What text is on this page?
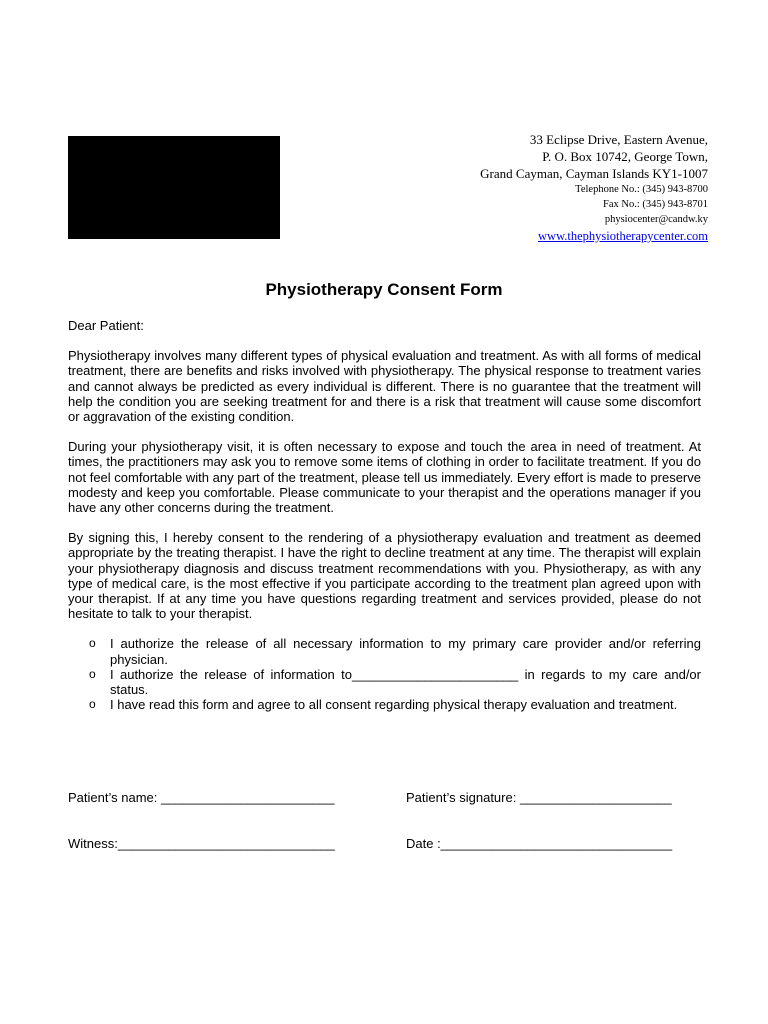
33 Eclipse Drive, Eastern Avenue,
P. O. Box 10742, George Town,
Grand Cayman, Cayman Islands KY1-1007
Telephone No.: (345) 943-8700
Fax No.: (345) 943-8701
physiocenter@candw.ky
www.thephysiotherapycenter.com
Physiotherapy Consent Form

Dear Patient:

Physiotherapy involves many different types of physical evaluation and treatment. As with all forms of medical treatment, there are benefits and risks involved with physiotherapy. The physical response to treatment varies and cannot always be predicted as every individual is different. There is no guarantee that the treatment will help the condition you are seeking treatment for and there is a risk that treatment will cause some discomfort or aggravation of the existing condition.

During your physiotherapy visit, it is often necessary to expose and touch the area in need of treatment. At times, the practitioners may ask you to remove some items of clothing in order to facilitate treatment. If you do not feel comfortable with any part of the treatment, please tell us immediately. Every effort is made to preserve modesty and keep you comfortable. Please communicate to your therapist and the operations manager if you have any other concerns during the treatment.

By signing this, I hereby consent to the rendering of a physiotherapy evaluation and treatment as deemed appropriate by the treating therapist. I have the right to decline treatment at any time. The therapist will explain your physiotherapy diagnosis and discuss treatment recommendations with you. Physiotherapy, as with any type of medical care, is the most effective if you participate according to the treatment plan agreed upon with your therapist. If at any time you have questions regarding treatment and services provided, please do not hesitate to talk to your therapist.

o I authorize the release of all necessary information to my primary care provider and/or referring physician.
o I authorize the release of information to_______________________ in regards to my care and/or status.
o I have read this form and agree to all consent regarding physical therapy evaluation and treatment.
Patient’s name: ________________________	Patient’s signature: _____________________
Witness:______________________________	Date :________________________________
